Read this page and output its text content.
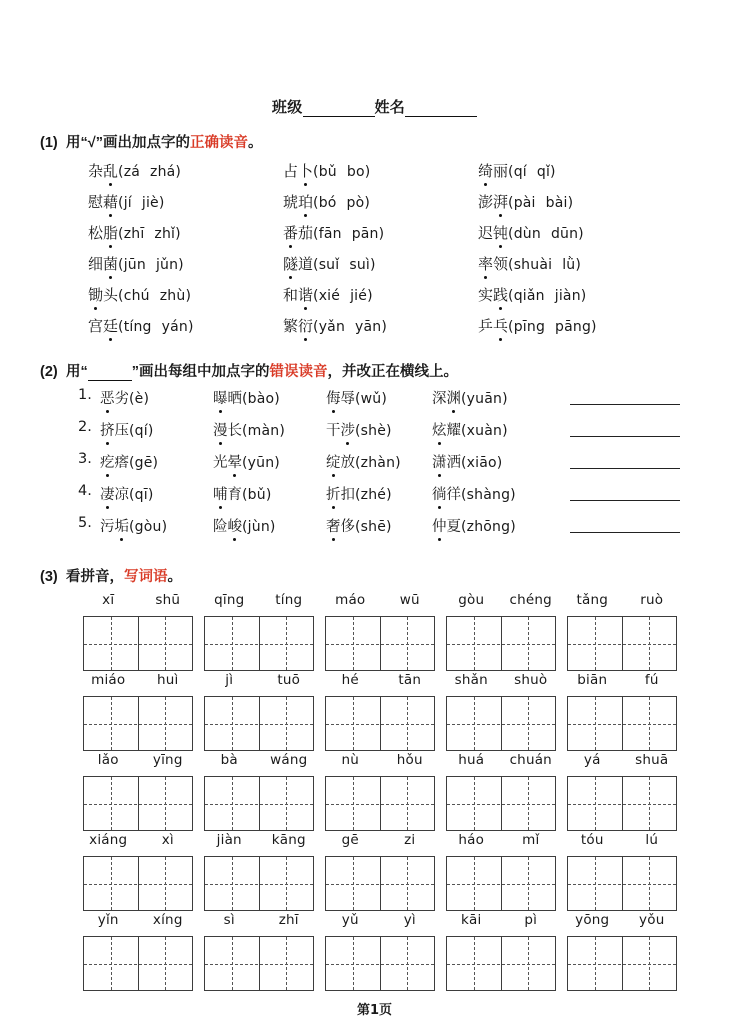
班级	姓名
(1) 用“√”画出加点字的正确读音。
杂乱(zá zhá)	占卜(bǔ bo)	绮丽(qí qǐ)
慰藉(jí jiè)	琥珀(bó pò)	澎湃(pài bài)
松脂(zhī zhǐ)	番茄(fān pān)	迟钝(dùn dūn)
细菌(jūn jǔn)	隧道(suǐ suì)	率领(shuài lǜ)
锄头(chú zhù)	和谐(xié jié)	实践(qiǎn jiàn)
宫廷(tíng yán)	繁衍(yǎn yān)	乒乓(pīng pāng)
(2) 用“	”画出每组中加点字的错误读音，并改正在横线上。
1. 恶劣(è)	曝晒(bào)	侮辱(wǔ)	深渊(yuān)
2. 挤压(qí)	漫长(màn)	干涉(shè)	炫耀(xuàn)
3. 疙瘩(gē)	光晕(yūn)	绽放(zhàn) 潇洒(xiāo)
4. 凄凉(qī)	哺育(bǔ)	折扣(zhé)	徜徉(shàng)
5. 污垢(gòu)	险峻(jùn)	奢侈(shē)	仲夏(zhōng)
(3) 看拼音，写词语。
xī	shū	qīng tíng	máo	wū	gòu chéng	tǎng ruò
miáo huì	jì	tuō	hé	tān	shǎn shuò	biān	fú
lǎo	yīng	bà wáng	nù	hǒu	huá chuán	yá	shuā
xiáng	xì	jiàn kāng	gē	zi	háo	mǐ	tóu	lú
yǐn	xíng	sì	zhī	yǔ	yì	kāi	pì	yōng yǒu
第1页
